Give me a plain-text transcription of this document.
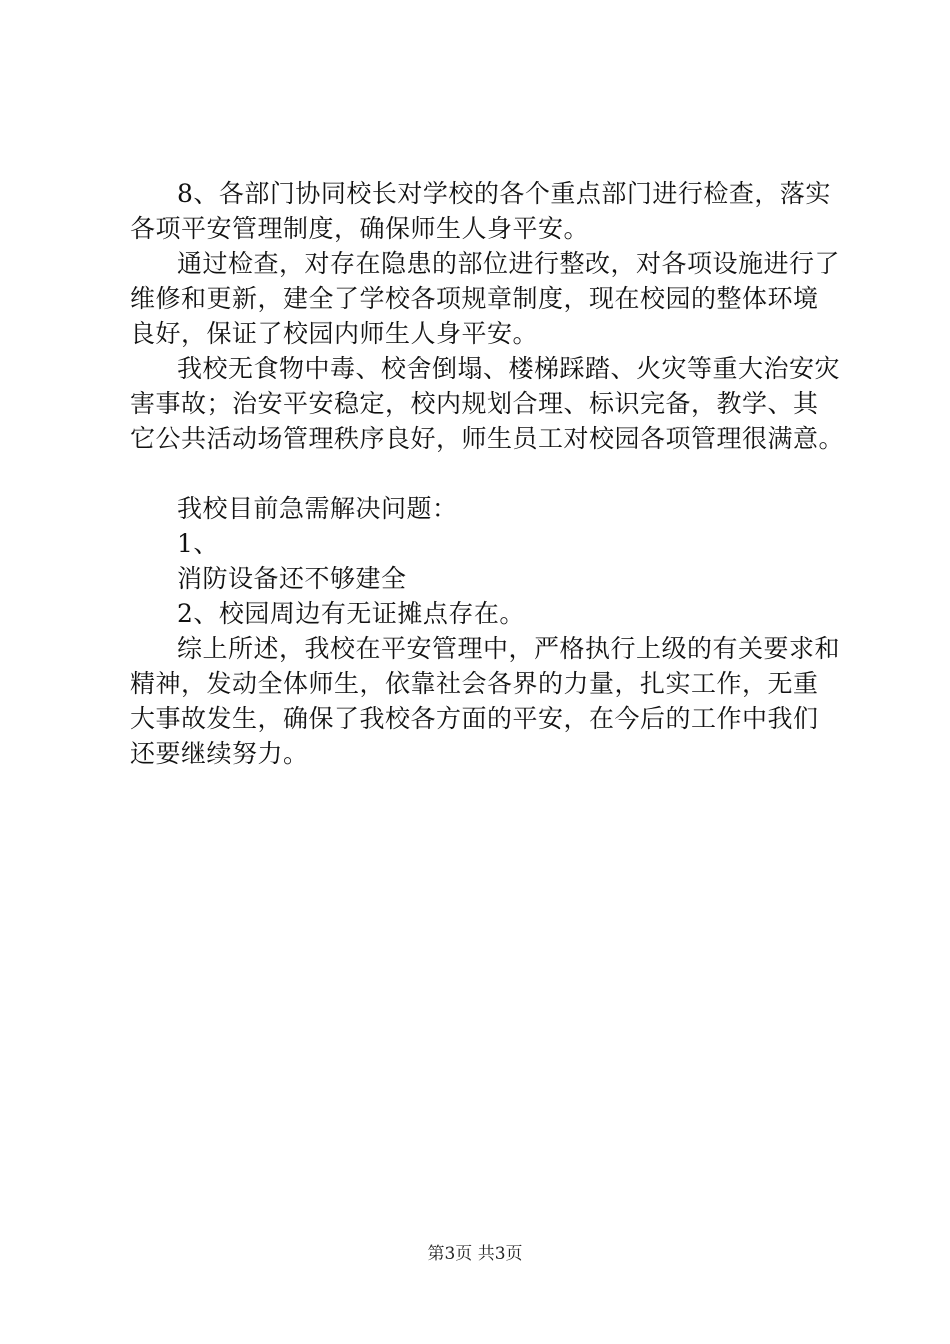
8、各部门协同校长对学校的各个重点部门进行检查，落实
各项平安管理制度，确保师生人身平安。

通过检查，对存在隐患的部位进行整改，对各项设施进行了
维修和更新，建全了学校各项规章制度，现在校园的整体环境
良好，保证了校园内师生人身平安。

我校无食物中毒、校舍倒塌、楼梯踩踏、火灾等重大治安灾
害事故；治安平安稳定，校内规划合理、标识完备，教学、其
它公共活动场管理秩序良好，师生员工对校园各项管理很满意。

我校目前急需解决问题：

1、

消防设备还不够建全

2、校园周边有无证摊点存在。

综上所述，我校在平安管理中，严格执行上级的有关要求和
精神，发动全体师生，依靠社会各界的力量，扎实工作，无重
大事故发生，确保了我校各方面的平安，在今后的工作中我们
还要继续努力。

第3页 共3页
